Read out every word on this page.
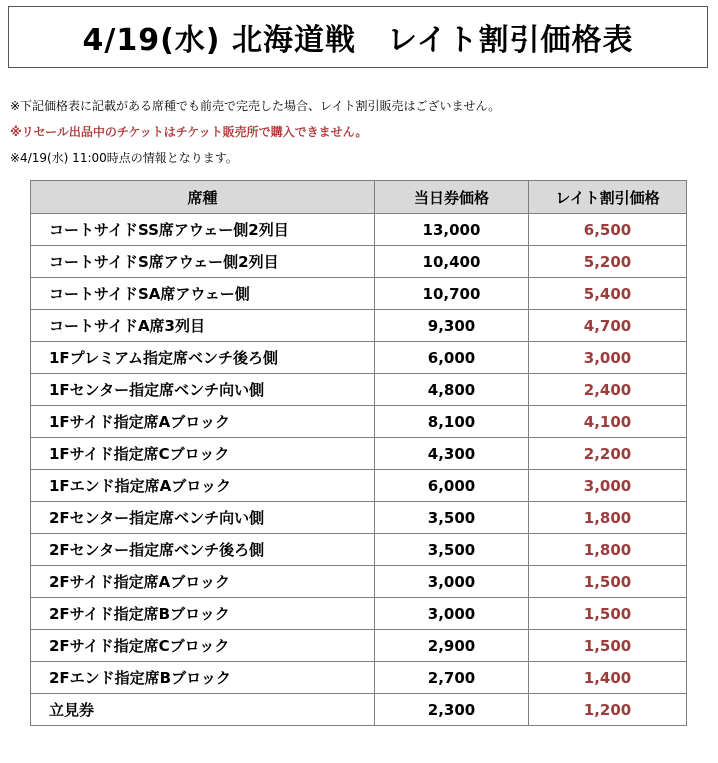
4/19(水) 北海道戦　レイト割引価格表
※下記価格表に記載がある席種でも前売で完売した場合、レイト割引販売はございません。
※リセール出品中のチケットはチケット販売所で購入できません。
※4/19(水) 11:00時点の情報となります。
席種	当日券価格	レイト割引価格
コートサイドSS席アウェー側2列目	13,000	6,500
コートサイドS席アウェー側2列目	10,400	5,200
コートサイドSA席アウェー側	10,700	5,400
コートサイドA席3列目	9,300	4,700
1Fプレミアム指定席ベンチ後ろ側	6,000	3,000
1Fセンター指定席ベンチ向い側	4,800	2,400
1Fサイド指定席Aブロック	8,100	4,100
1Fサイド指定席Cブロック	4,300	2,200
1Fエンド指定席Aブロック	6,000	3,000
2Fセンター指定席ベンチ向い側	3,500	1,800
2Fセンター指定席ベンチ後ろ側	3,500	1,800
2Fサイド指定席Aブロック	3,000	1,500
2Fサイド指定席Bブロック	3,000	1,500
2Fサイド指定席Cブロック	2,900	1,500
2Fエンド指定席Bブロック	2,700	1,400
立見券	2,300	1,200
